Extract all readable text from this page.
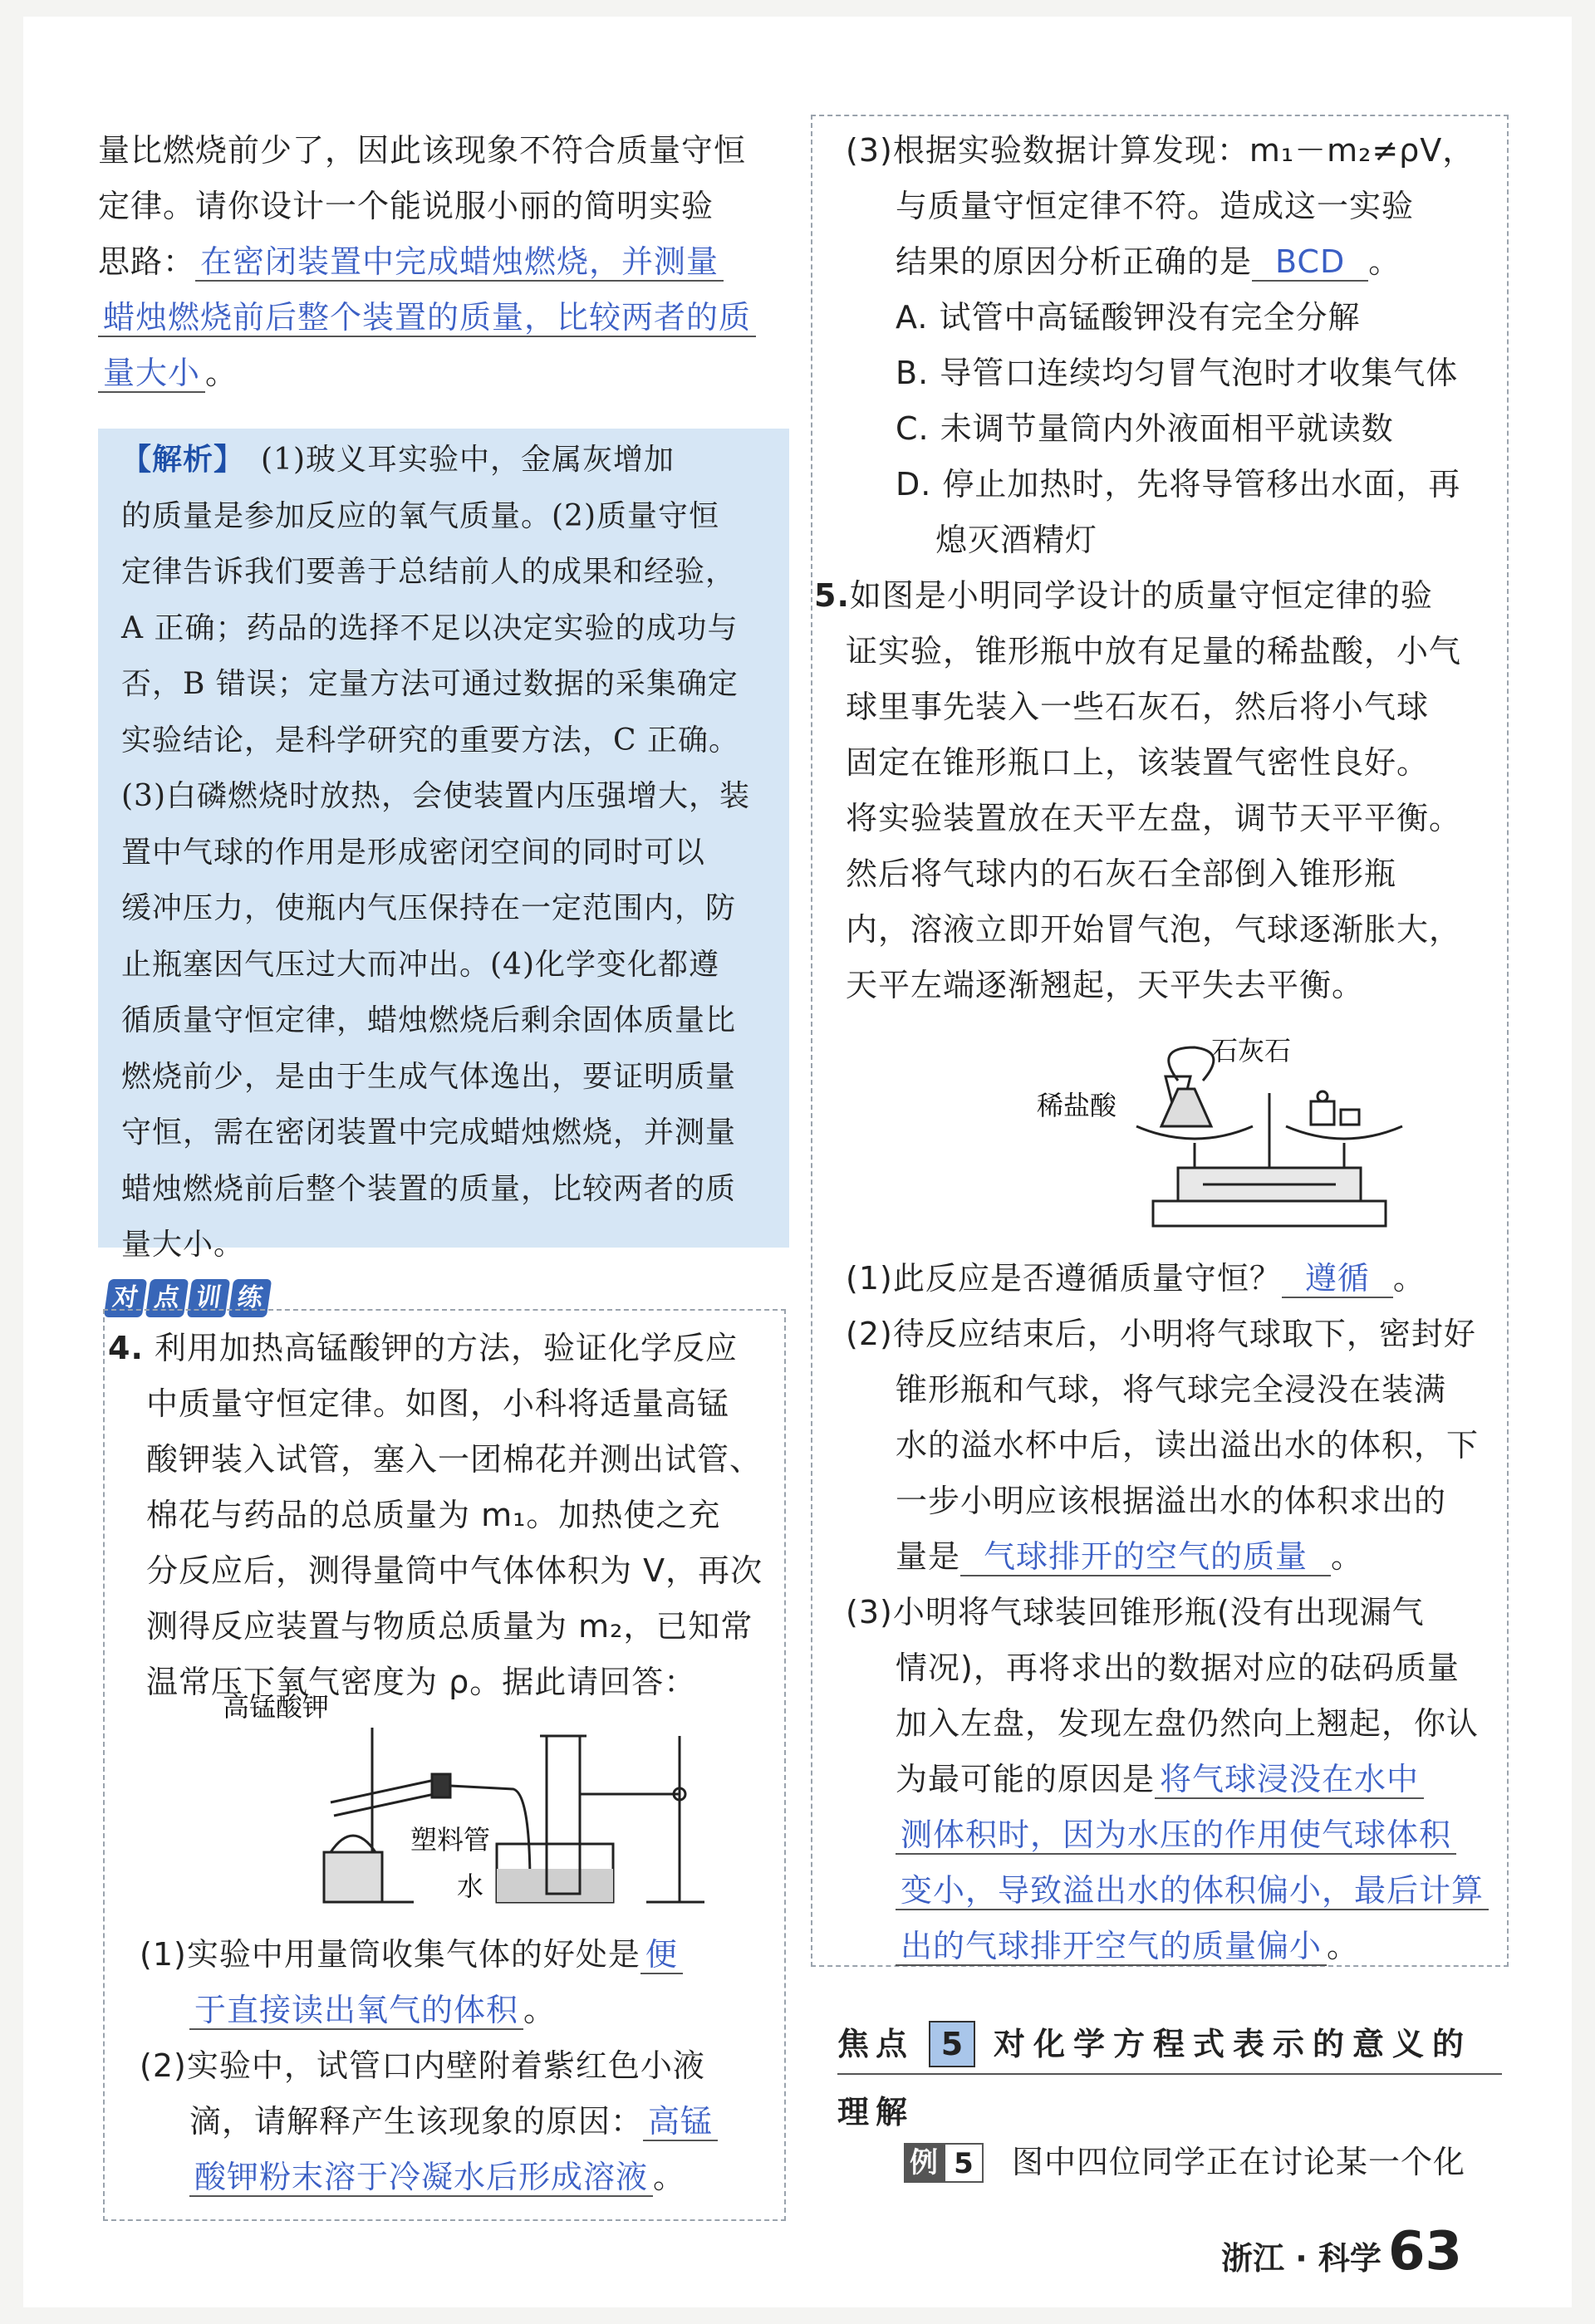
量比燃烧前少了，因此该现象不符合质量守恒
定律。请你设计一个能说服小丽的简明实验
思路： 在密闭装置中完成蜡烛燃烧，并测量
蜡烛燃烧前后整个装置的质量，比较两者的质
量大小 。
【解析】 (1)玻义耳实验中，金属灰增加
的质量是参加反应的氧气质量。(2)质量守恒
定律告诉我们要善于总结前人的成果和经验，
A 正确；药品的选择不足以决定实验的成功与
否，B 错误；定量方法可通过数据的采集确定
实验结论，是科学研究的重要方法，C 正确。
(3)白磷燃烧时放热，会使装置内压强增大，装
置中气球的作用是形成密闭空间的同时可以
缓冲压力，使瓶内气压保持在一定范围内，防
止瓶塞因气压过大而冲出。(4)化学变化都遵
循质量守恒定律，蜡烛燃烧后剩余固体质量比
燃烧前少，是由于生成气体逸出，要证明质量
守恒，需在密闭装置中完成蜡烛燃烧，并测量
蜡烛燃烧前后整个装置的质量，比较两者的质
量大小。
对 点 训 练
4. 利用加热高锰酸钾的方法，验证化学反应
中质量守恒定律。如图，小科将适量高锰
酸钾装入试管，塞入一团棉花并测出试管、
棉花与药品的总质量为 m₁。加热使之充
分反应后，测得量筒中气体体积为 V，再次
测得反应装置与物质总质量为 m₂，已知常
温常压下氧气密度为 ρ。据此请回答：
高锰酸钾
塑料管
水
(1)实验中用量筒收集气体的好处是 便
于直接读出氧气的体积 。
(2)实验中，试管口内壁附着紫红色小液
滴，请解释产生该现象的原因： 高锰
酸钾粉末溶于冷凝水后形成溶液 。
(3)根据实验数据计算发现：m₁－m₂≠ρV，
与质量守恒定律不符。造成这一实验
结果的原因分析正确的是 BCD 。
A. 试管中高锰酸钾没有完全分解
B. 导管口连续均匀冒气泡时才收集气体
C. 未调节量筒内外液面相平就读数
D. 停止加热时，先将导管移出水面，再
熄灭酒精灯
5.如图是小明同学设计的质量守恒定律的验
证实验，锥形瓶中放有足量的稀盐酸，小气
球里事先装入一些石灰石，然后将小气球
固定在锥形瓶口上，该装置气密性良好。
将实验装置放在天平左盘，调节天平平衡。
然后将气球内的石灰石全部倒入锥形瓶
内，溶液立即开始冒气泡，气球逐渐胀大，
天平左端逐渐翘起，天平失去平衡。
石灰石
稀盐酸
(1)此反应是否遵循质量守恒？ 遵循 。
(2)待反应结束后，小明将气球取下，密封好
锥形瓶和气球，将气球完全浸没在装满
水的溢水杯中后，读出溢出水的体积，下
一步小明应该根据溢出水的体积求出的
量是 气球排开的空气的质量 。
(3)小明将气球装回锥形瓶(没有出现漏气
情况)，再将求出的数据对应的砝码质量
加入左盘，发现左盘仍然向上翘起，你认
为最可能的原因是 将气球浸没在水中
测体积时，因为水压的作用使气球体积
变小，导致溢出水的体积偏小，最后计算
出的气球排开空气的质量偏小 。
焦点 5 对化学方程式表示的意义的
理解
例 5	图中四位同学正在讨论某一个化
浙江 · 科学 63
